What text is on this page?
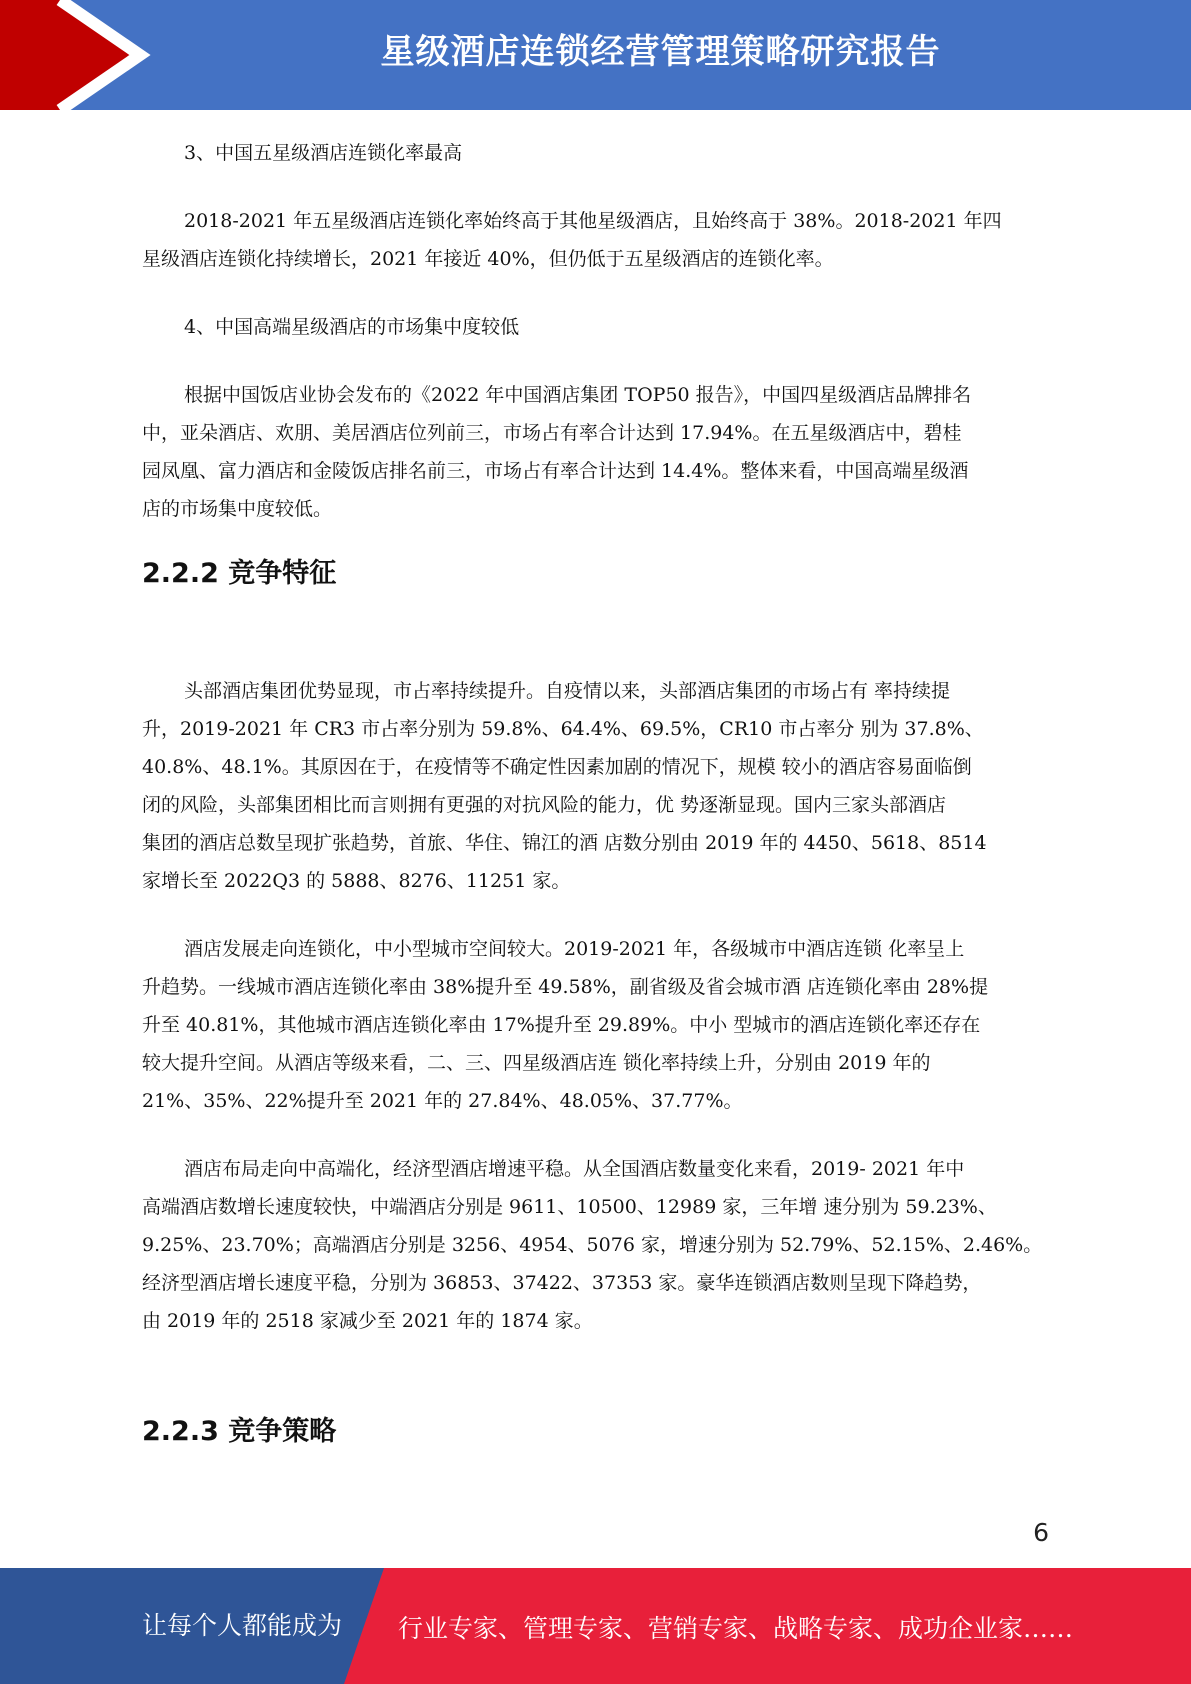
星级酒店连锁经营管理策略研究报告
3、中国五星级酒店连锁化率最高
2018-2021 年五星级酒店连锁化率始终高于其他星级酒店，且始终高于 38%。2018-2021 年四
星级酒店连锁化持续增长，2021 年接近 40%，但仍低于五星级酒店的连锁化率。
4、中国高端星级酒店的市场集中度较低
根据中国饭店业协会发布的《2022 年中国酒店集团 TOP50 报告》，中国四星级酒店品牌排名
中，亚朵酒店、欢朋、美居酒店位列前三，市场占有率合计达到 17.94%。在五星级酒店中，碧桂
园凤凰、富力酒店和金陵饭店排名前三，市场占有率合计达到 14.4%。整体来看，中国高端星级酒
店的市场集中度较低。
2.2.2 竞争特征
头部酒店集团优势显现，市占率持续提升。自疫情以来，头部酒店集团的市场占有 率持续提
升，2019-2021 年 CR3 市占率分别为 59.8%、64.4%、69.5%，CR10 市占率分 别为 37.8%、
40.8%、48.1%。其原因在于，在疫情等不确定性因素加剧的情况下，规模 较小的酒店容易面临倒
闭的风险，头部集团相比而言则拥有更强的对抗风险的能力，优 势逐渐显现。国内三家头部酒店
集团的酒店总数呈现扩张趋势，首旅、华住、锦江的酒 店数分别由 2019 年的 4450、5618、8514
家增长至 2022Q3 的 5888、8276、11251 家。
酒店发展走向连锁化，中小型城市空间较大。2019-2021 年，各级城市中酒店连锁 化率呈上
升趋势。一线城市酒店连锁化率由 38%提升至 49.58%，副省级及省会城市酒 店连锁化率由 28%提
升至 40.81%，其他城市酒店连锁化率由 17%提升至 29.89%。中小 型城市的酒店连锁化率还存在
较大提升空间。从酒店等级来看，二、三、四星级酒店连 锁化率持续上升，分别由 2019 年的
21%、35%、22%提升至 2021 年的 27.84%、48.05%、37.77%。
酒店布局走向中高端化，经济型酒店增速平稳。从全国酒店数量变化来看，2019- 2021 年中
高端酒店数增长速度较快，中端酒店分别是 9611、10500、12989 家，三年增 速分别为 59.23%、
9.25%、23.70%；高端酒店分别是 3256、4954、5076 家，增速分别为 52.79%、52.15%、2.46%。
经济型酒店增长速度平稳，分别为 36853、37422、37353 家。豪华连锁酒店数则呈现下降趋势，
由 2019 年的 2518 家减少至 2021 年的 1874 家。
2.2.3 竞争策略
6
让每个人都能成为 行业专家、管理专家、营销专家、战略专家、成功企业家……
